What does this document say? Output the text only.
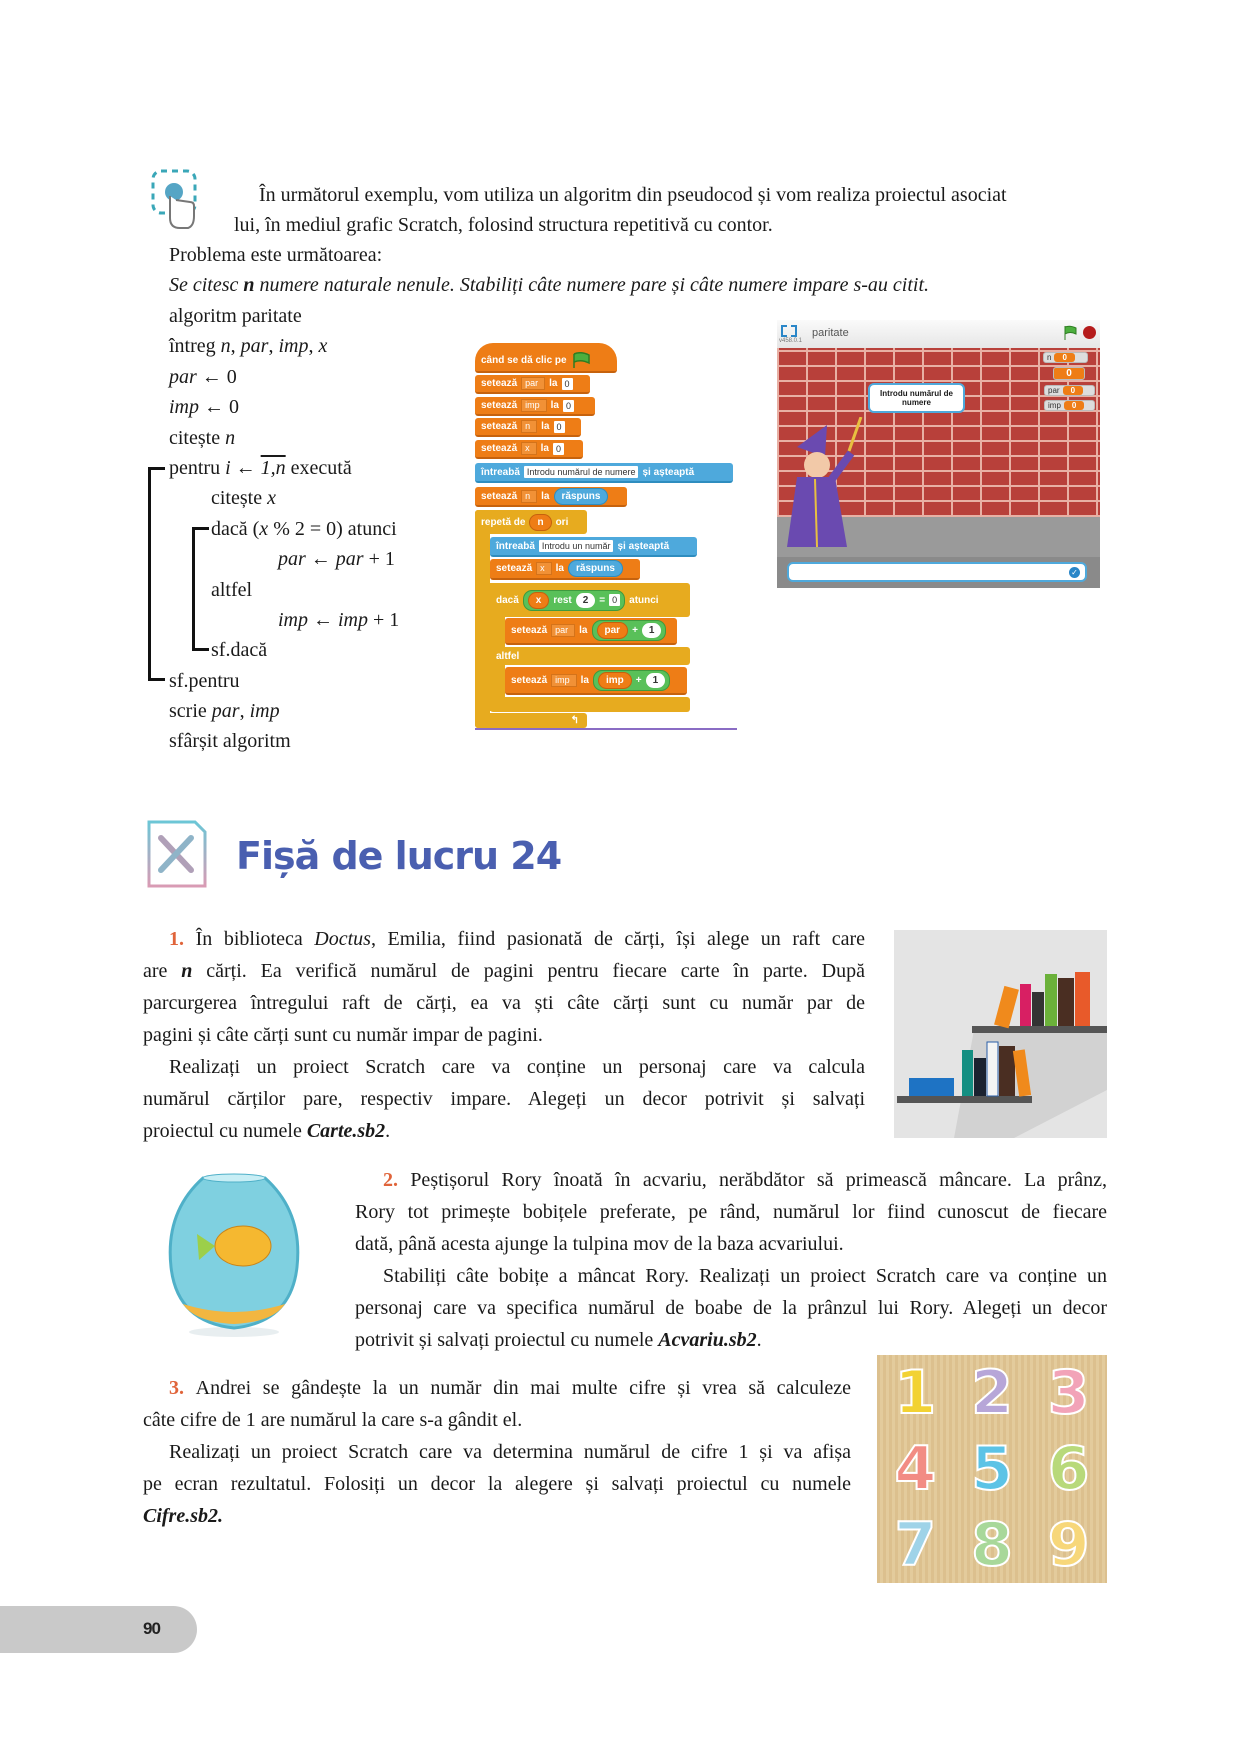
În următorul exemplu, vom utiliza un algoritm din pseudocod și vom realiza proiectul asociat
lui, în mediul grafic Scratch, folosind structura repetitivă cu contor.
Problema este următoarea:
Se citesc n numere naturale nenule. Stabiliți câte numere pare și câte numere impare s-au citit.
algoritm paritate
întreg n, par, imp, x
par ← 0
imp ← 0
citește n
pentru i ← 1,n execută
citește x
dacă (x % 2 = 0) atunci
par ← par + 1
altfel
imp ← imp + 1
sf.dacă
sf.pentru
scrie par, imp
sfârșit algoritm
când se dă clic pe
setează par	la 0
setează imp	la 0
setează n	la 0
setează x	la 0
întreabă Introdu numărul de numere și așteaptă
setează n	la	răspuns
repetă de	n	ori
↰
întreabă Introdu un număr și așteaptă
setează x	la	răspuns
dacă	x	rest	2	= 0	atunci
setează par	la	par	+	1
altfel
setează imp	la	imp	+	1
v458.0.1
paritate
Introdu numărul de numere
n	0
0
par	0
imp	0
✓
Fișă de lucru 24
1. În biblioteca Doctus, Emilia, fiind pasionată de cărți, își alege un raft care
are n cărți. Ea verifică numărul de pagini pentru fiecare carte în parte. După
parcurgerea întregului raft de cărți, ea va ști câte cărți sunt cu număr par de
pagini și câte cărți sunt cu număr impar de pagini.
Realizați un proiect Scratch care va conține un personaj care va calcula
numărul cărților pare, respectiv impare. Alegeți un decor potrivit și salvați
proiectul cu numele Carte.sb2.
2. Peștișorul Rory înoată în acvariu, nerăbdător să primească mâncare. La prânz,
Rory tot primește bobițele preferate, pe rând, numărul lor fiind cunoscut de fiecare
dată, până acesta ajunge la tulpina mov de la baza acvariului.
Stabiliți câte bobițe a mâncat Rory. Realizați un proiect Scratch care va conține un
personaj care va specifica numărul de boabe de la prânzul lui Rory. Alegeți un decor
potrivit și salvați proiectul cu numele Acvariu.sb2.
3. Andrei se gândește la un număr din mai multe cifre și vrea să calculeze
câte cifre de 1 are numărul la care s-a gândit el.
Realizați un proiect Scratch care va determina numărul de cifre 1 și va afișa
pe ecran rezultatul. Folosiți un decor la alegere și salvați proiectul cu numele
Cifre.sb2.
1 2 3
4 5 6
7 8 9
90
